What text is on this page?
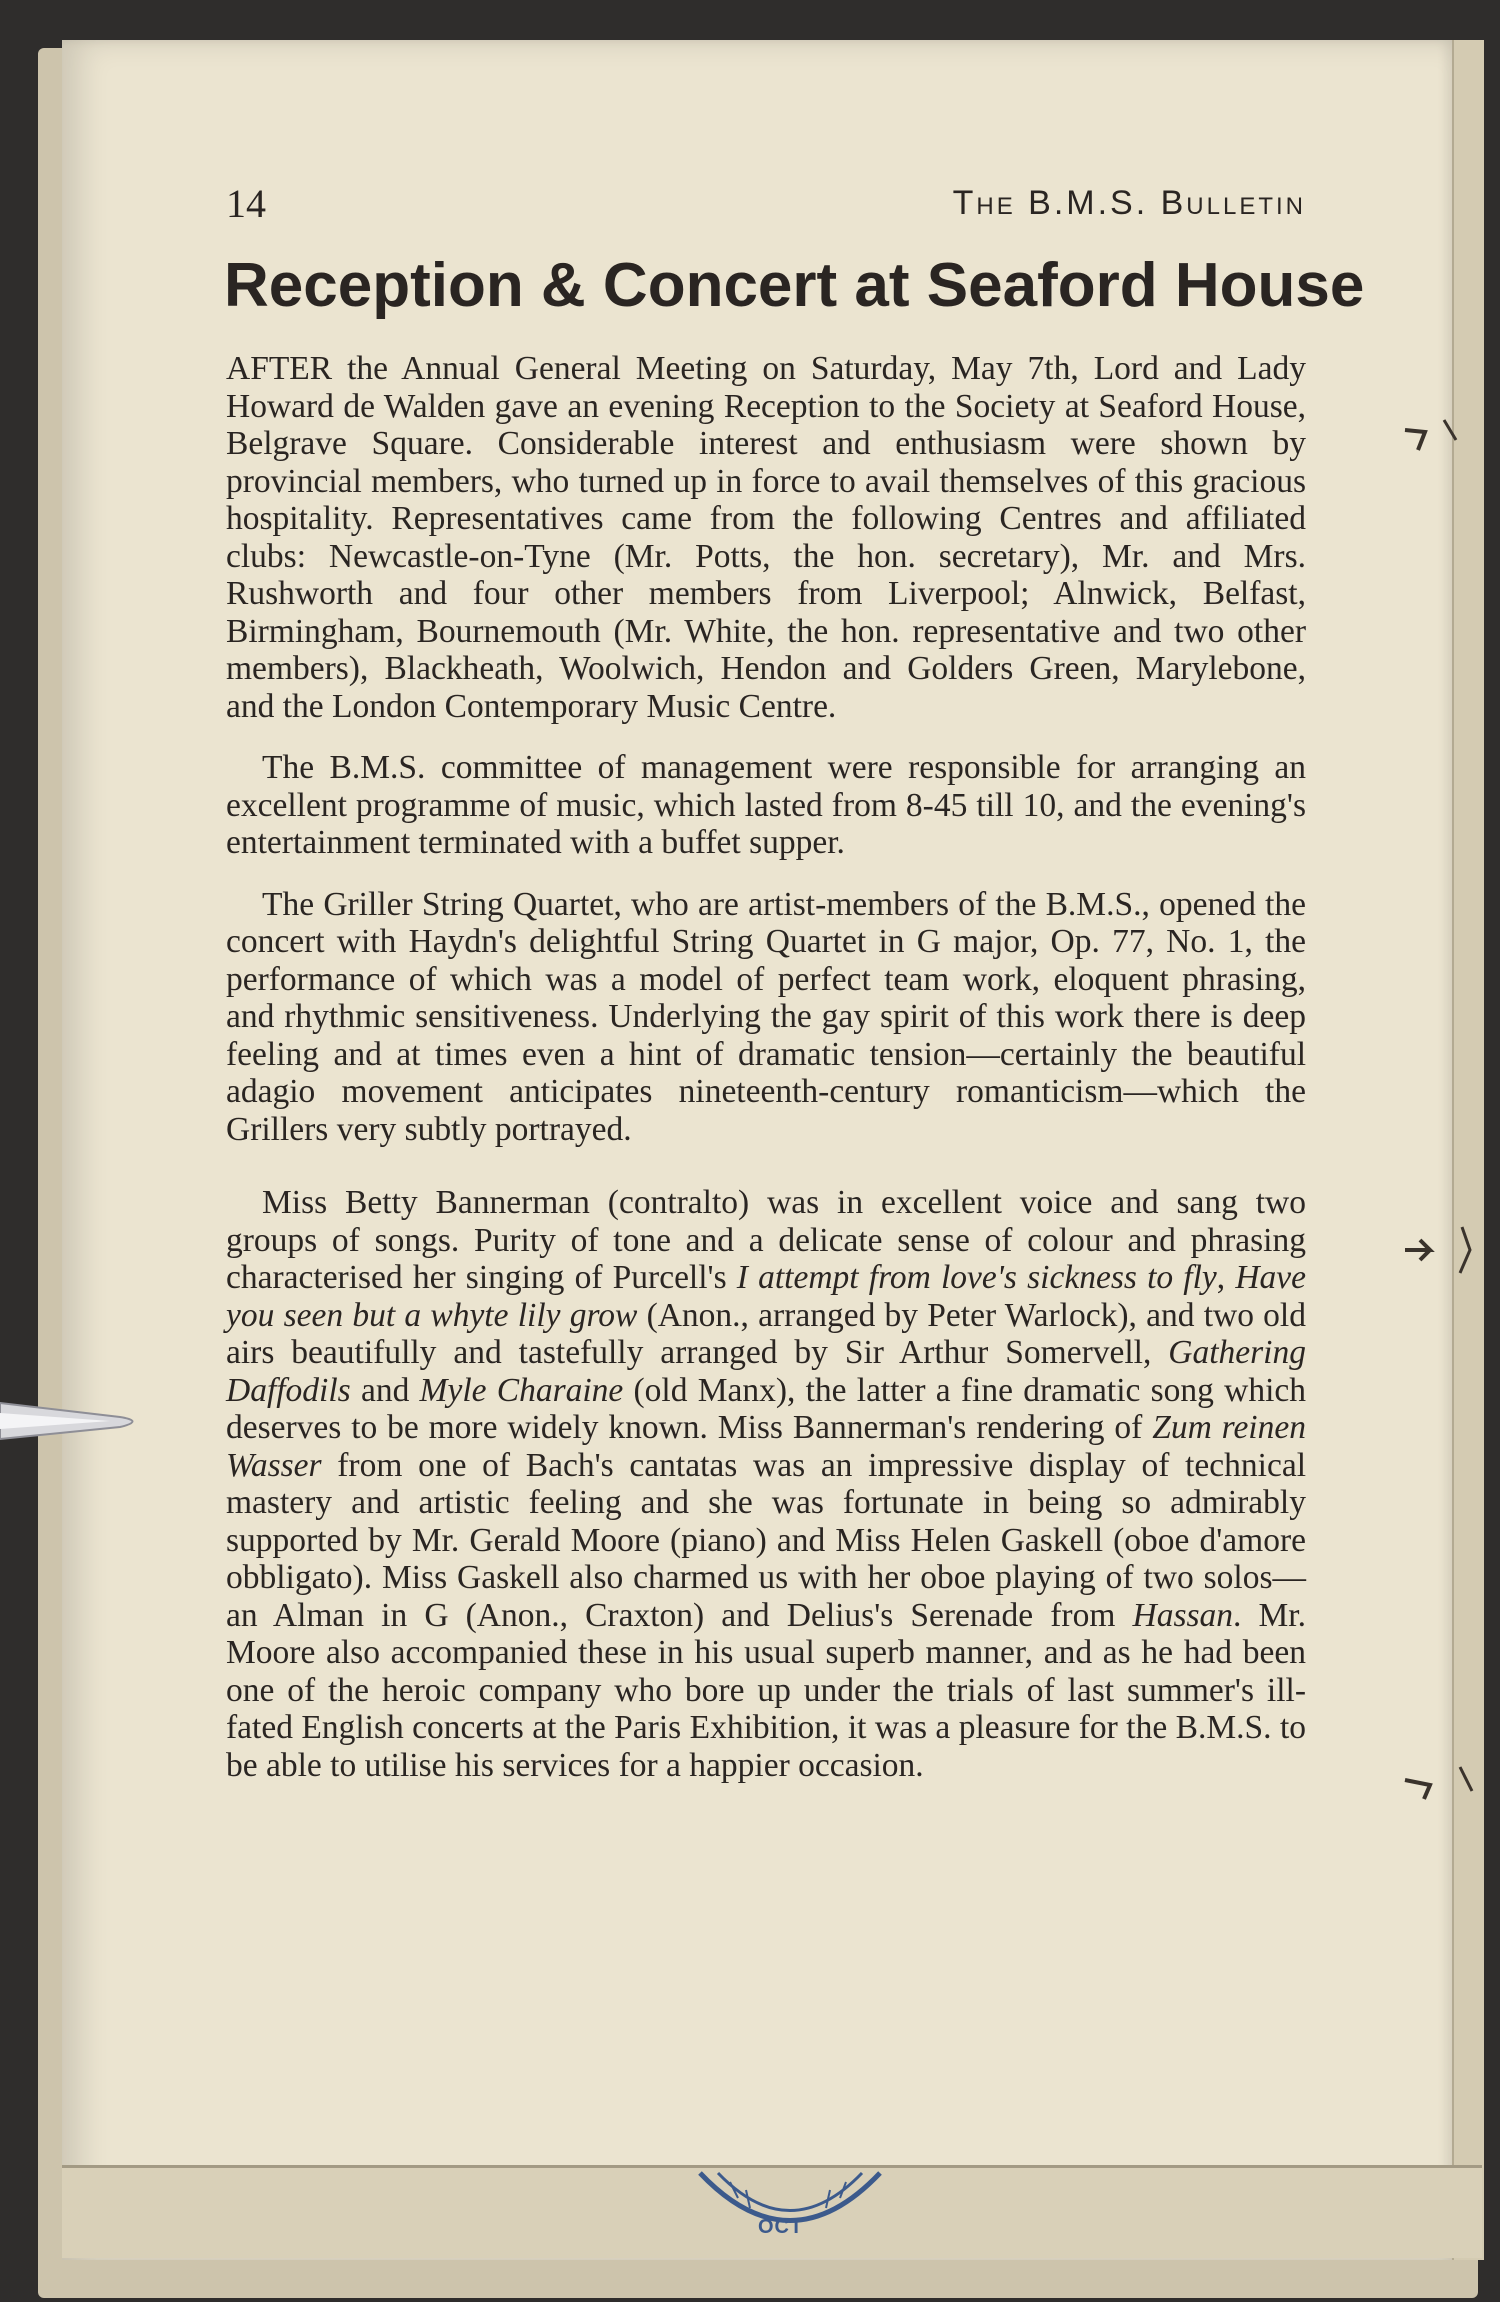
14	The B.M.S. Bulletin
Reception & Concert at Seaford House

AFTER the Annual General Meeting on Saturday, May 7th, Lord and Lady Howard de Walden gave an evening Reception to the Society at Seaford House, Belgrave Square. Considerable interest and enthusiasm were shown by provincial members, who turned up in force to avail themselves of this gracious hospitality. Representatives came from the following Centres and affiliated clubs: Newcastle-on-Tyne (Mr. Potts, the hon. secretary), Mr. and Mrs. Rushworth and four other members from Liverpool; Alnwick, Belfast, Birmingham, Bournemouth (Mr. White, the hon. representative and two other members), Blackheath, Woolwich, Hendon and Golders Green, Marylebone, and the London Contemporary Music Centre.

The B.M.S. committee of management were responsible for arranging an excellent programme of music, which lasted from 8-45 till 10, and the evening's entertainment terminated with a buffet supper.

The Griller String Quartet, who are artist-members of the B.M.S., opened the concert with Haydn's delightful String Quartet in G major, Op. 77, No. 1, the performance of which was a model of perfect team work, eloquent phrasing, and rhythmic sensitiveness. Underlying the gay spirit of this work there is deep feeling and at times even a hint of dramatic tension—certainly the beautiful adagio movement anticipates nineteenth-century romanticism—which the Grillers very subtly portrayed.

Miss Betty Bannerman (contralto) was in excellent voice and sang two groups of songs. Purity of tone and a delicate sense of colour and phrasing characterised her singing of Purcell's I attempt from love's sickness to fly, Have you seen but a whyte lily grow (Anon., arranged by Peter Warlock), and two old airs beautifully and tastefully arranged by Sir Arthur Somervell, Gathering Daffodils and Myle Charaine (old Manx), the latter a fine dramatic song which deserves to be more widely known. Miss Bannerman's rendering of Zum reinen Wasser from one of Bach's cantatas was an impressive display of technical mastery and artistic feeling and she was fortunate in being so admirably supported by Mr. Gerald Moore (piano) and Miss Helen Gaskell (oboe d'amore obbligato). Miss Gaskell also charmed us with her oboe playing of two solos—an Alman in G (Anon., Craxton) and Delius's Serenade from Hassan. Mr. Moore also accompanied these in his usual superb manner, and as he had been one of the heroic company who bore up under the trials of last summer's ill-fated English concerts at the Paris Exhibition, it was a pleasure for the B.M.S. to be able to utilise his services for a happier occasion.

OCT
